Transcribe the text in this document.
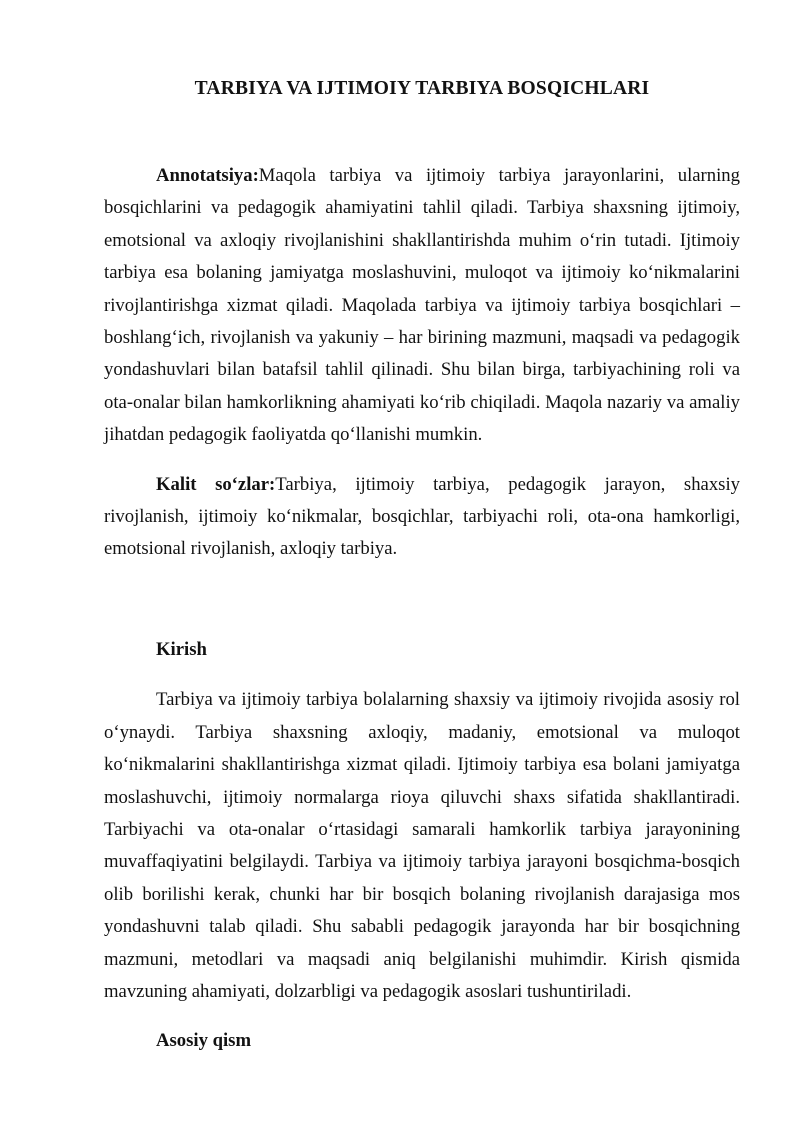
TARBIYA VA IJTIMOIY TARBIYA BOSQICHLARI

Annotatsiya:Maqola tarbiya va ijtimoiy tarbiya jarayonlarini, ularning bosqichlarini va pedagogik ahamiyatini tahlil qiladi. Tarbiya shaxsning ijtimoiy, emotsional va axloqiy rivojlanishini shakllantirishda muhim oʻrin tutadi. Ijtimoiy tarbiya esa bolaning jamiyatga moslashuvini, muloqot va ijtimoiy koʻnikmalarini rivojlantirishga xizmat qiladi. Maqolada tarbiya va ijtimoiy tarbiya bosqichlari – boshlangʻich, rivojlanish va yakuniy – har birining mazmuni, maqsadi va pedagogik yondashuvlari bilan batafsil tahlil qilinadi. Shu bilan birga, tarbiyachining roli va ota-onalar bilan hamkorlikning ahamiyati koʻrib chiqiladi. Maqola nazariy va amaliy jihatdan pedagogik faoliyatda qoʻllanishi mumkin.

Kalit soʻzlar:Tarbiya, ijtimoiy tarbiya, pedagogik jarayon, shaxsiy rivojlanish, ijtimoiy koʻnikmalar, bosqichlar, tarbiyachi roli, ota-ona hamkorligi, emotsional rivojlanish, axloqiy tarbiya.

Kirish

Tarbiya va ijtimoiy tarbiya bolalarning shaxsiy va ijtimoiy rivojida asosiy rol oʻynaydi. Tarbiya shaxsning axloqiy, madaniy, emotsional va muloqot koʻnikmalarini shakllantirishga xizmat qiladi. Ijtimoiy tarbiya esa bolani jamiyatga moslashuvchi, ijtimoiy normalarga rioya qiluvchi shaxs sifatida shakllantiradi. Tarbiyachi va ota-onalar oʻrtasidagi samarali hamkorlik tarbiya jarayonining muvaffaqiyatini belgilaydi. Tarbiya va ijtimoiy tarbiya jarayoni bosqichma-bosqich olib borilishi kerak, chunki har bir bosqich bolaning rivojlanish darajasiga mos yondashuvni talab qiladi. Shu sababli pedagogik jarayonda har bir bosqichning mazmuni, metodlari va maqsadi aniq belgilanishi muhimdir. Kirish qismida mavzuning ahamiyati, dolzarbligi va pedagogik asoslari tushuntiriladi.

Asosiy qism
